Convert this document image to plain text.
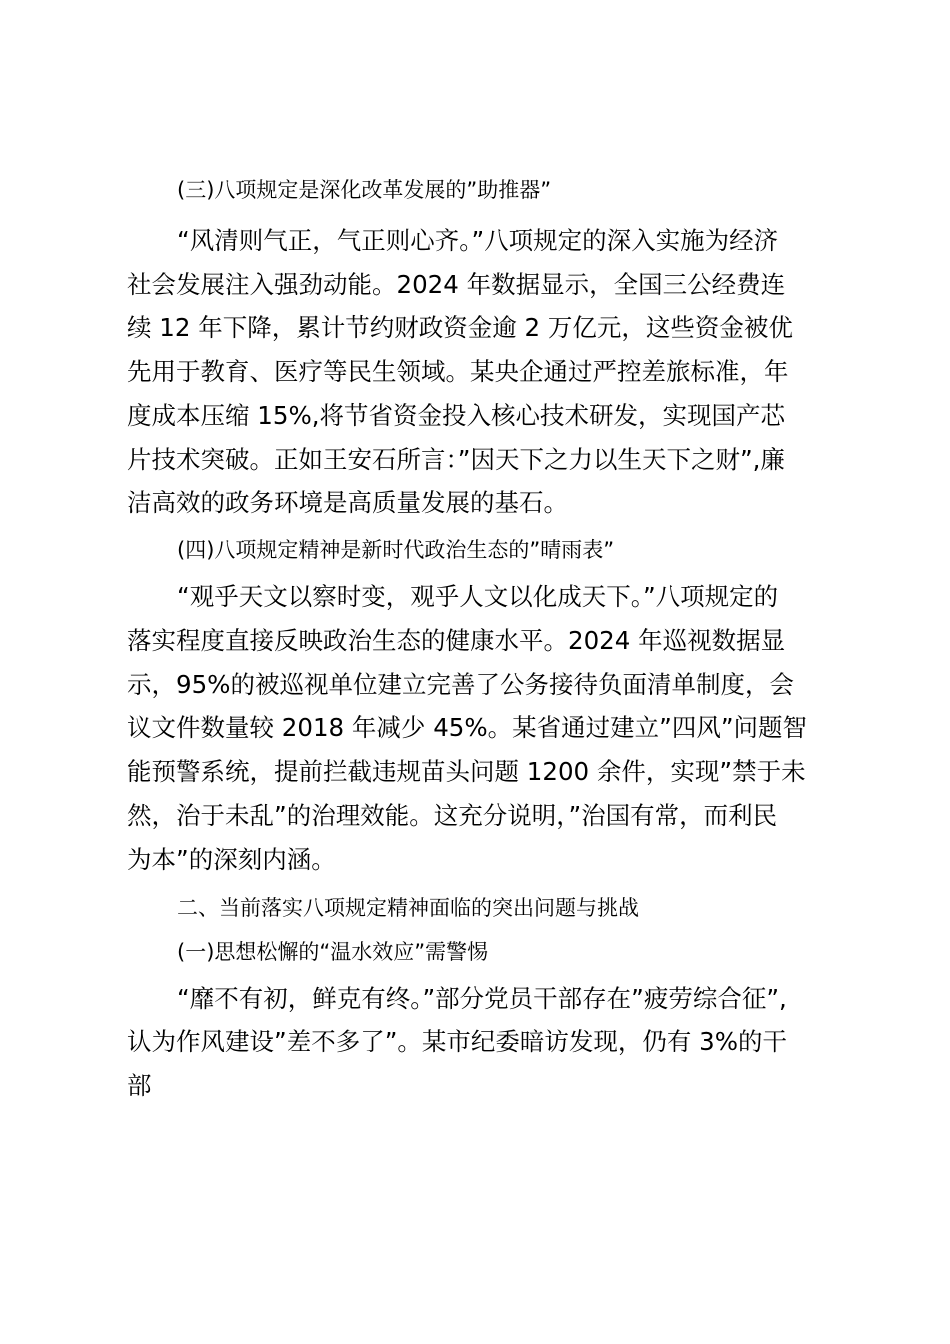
(三)八项规定是深化改革发展的”助推器”
“风清则气正，气正则心齐。”八项规定的深入实施为经济
社会发展注入强劲动能。2024 年数据显示，全国三公经费连
续 12 年下降，累计节约财政资金逾 2 万亿元，这些资金被优
先用于教育、医疗等民生领域。某央企通过严控差旅标准，年
度成本压缩 15%,将节省资金投入核心技术研发，实现国产芯
片技术突破。正如王安石所言：”因天下之力以生天下之财”,廉
洁高效的政务环境是高质量发展的基石。
(四)八项规定精神是新时代政治生态的”晴雨表”
“观乎天文以察时变，观乎人文以化成天下。”八项规定的
落实程度直接反映政治生态的健康水平。2024 年巡视数据显
示，95%的被巡视单位建立完善了公务接待负面清单制度，会
议文件数量较 2018 年减少 45%。某省通过建立”四风”问题智
能预警系统，提前拦截违规苗头问题 1200 余件，实现”禁于未
然，治于未乱”的治理效能。这充分说明，”治国有常，而利民
为本”的深刻内涵。
二、当前落实八项规定精神面临的突出问题与挑战
(一)思想松懈的“温水效应”需警惕
“靡不有初，鲜克有终。”部分党员干部存在”疲劳综合征”,
认为作风建设”差不多了”。某市纪委暗访发现，仍有 3%的干
部
